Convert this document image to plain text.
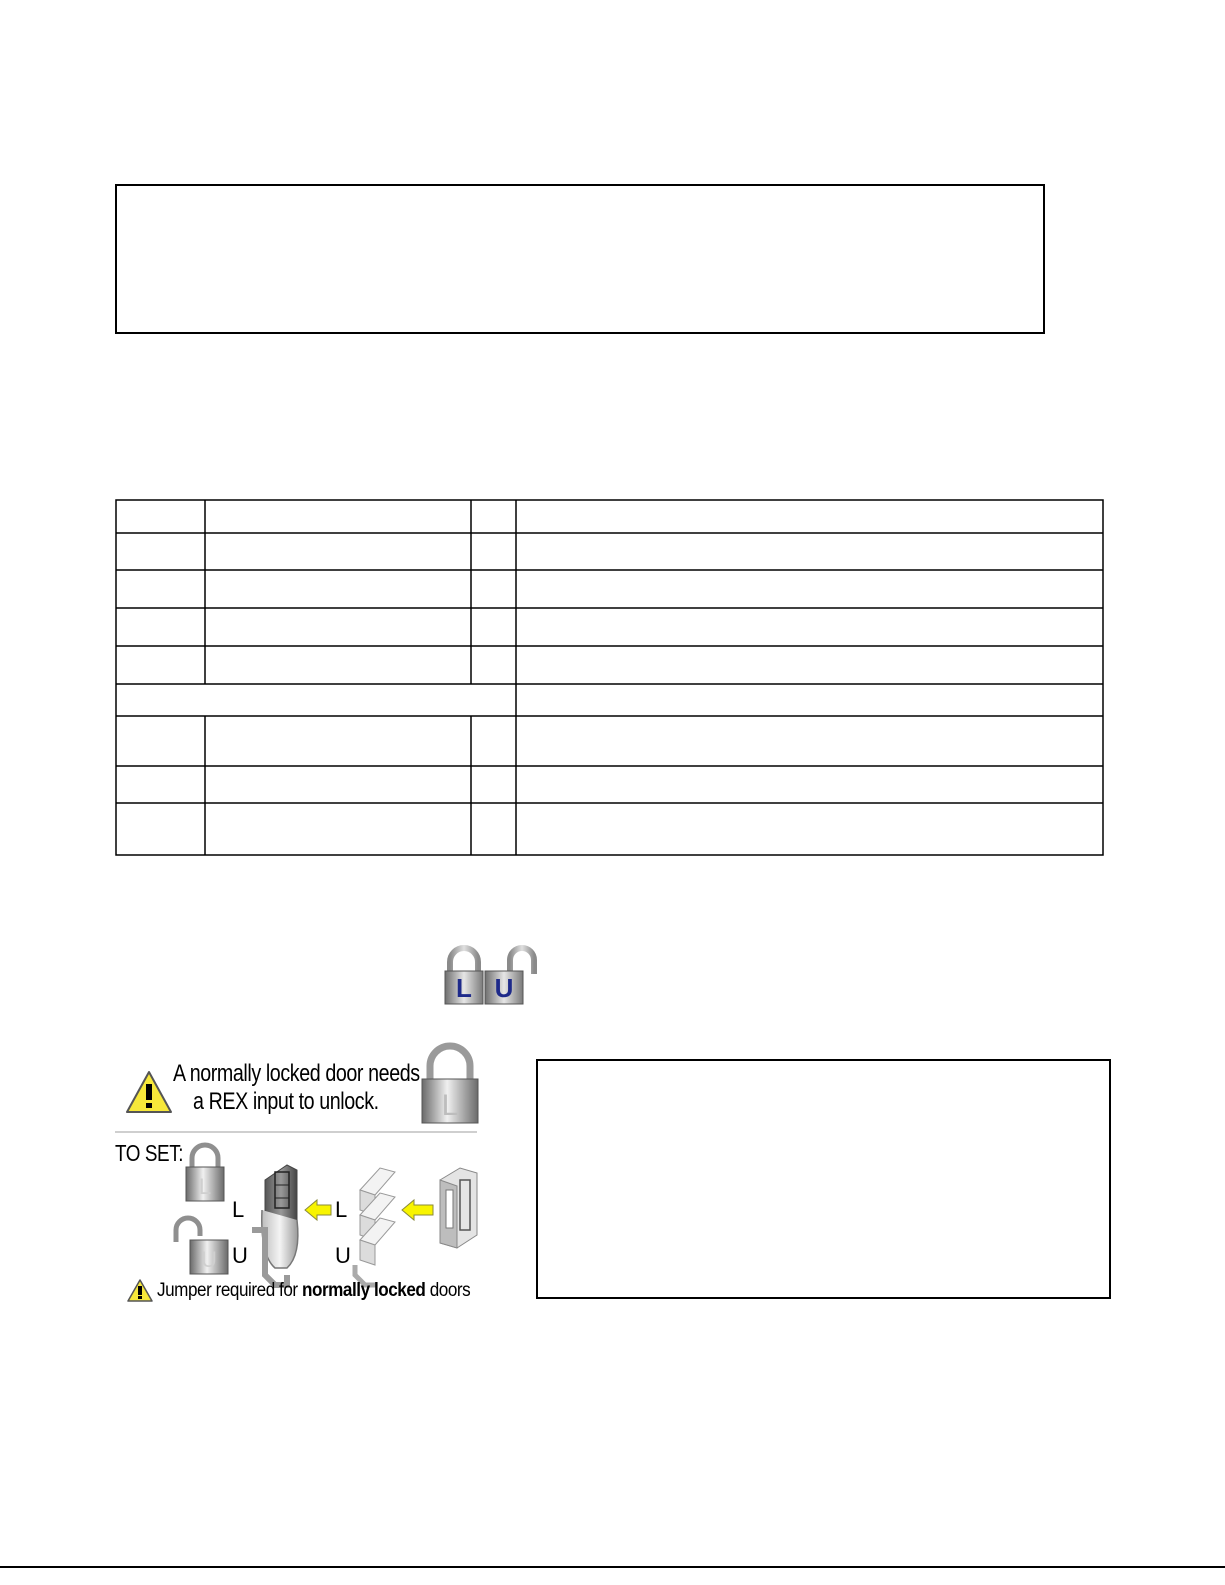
L U
L
L
U
A normally locked door needs
a REX input to unlock.
TO SET:
L
U
L
U
Jumper required for normally locked doors
